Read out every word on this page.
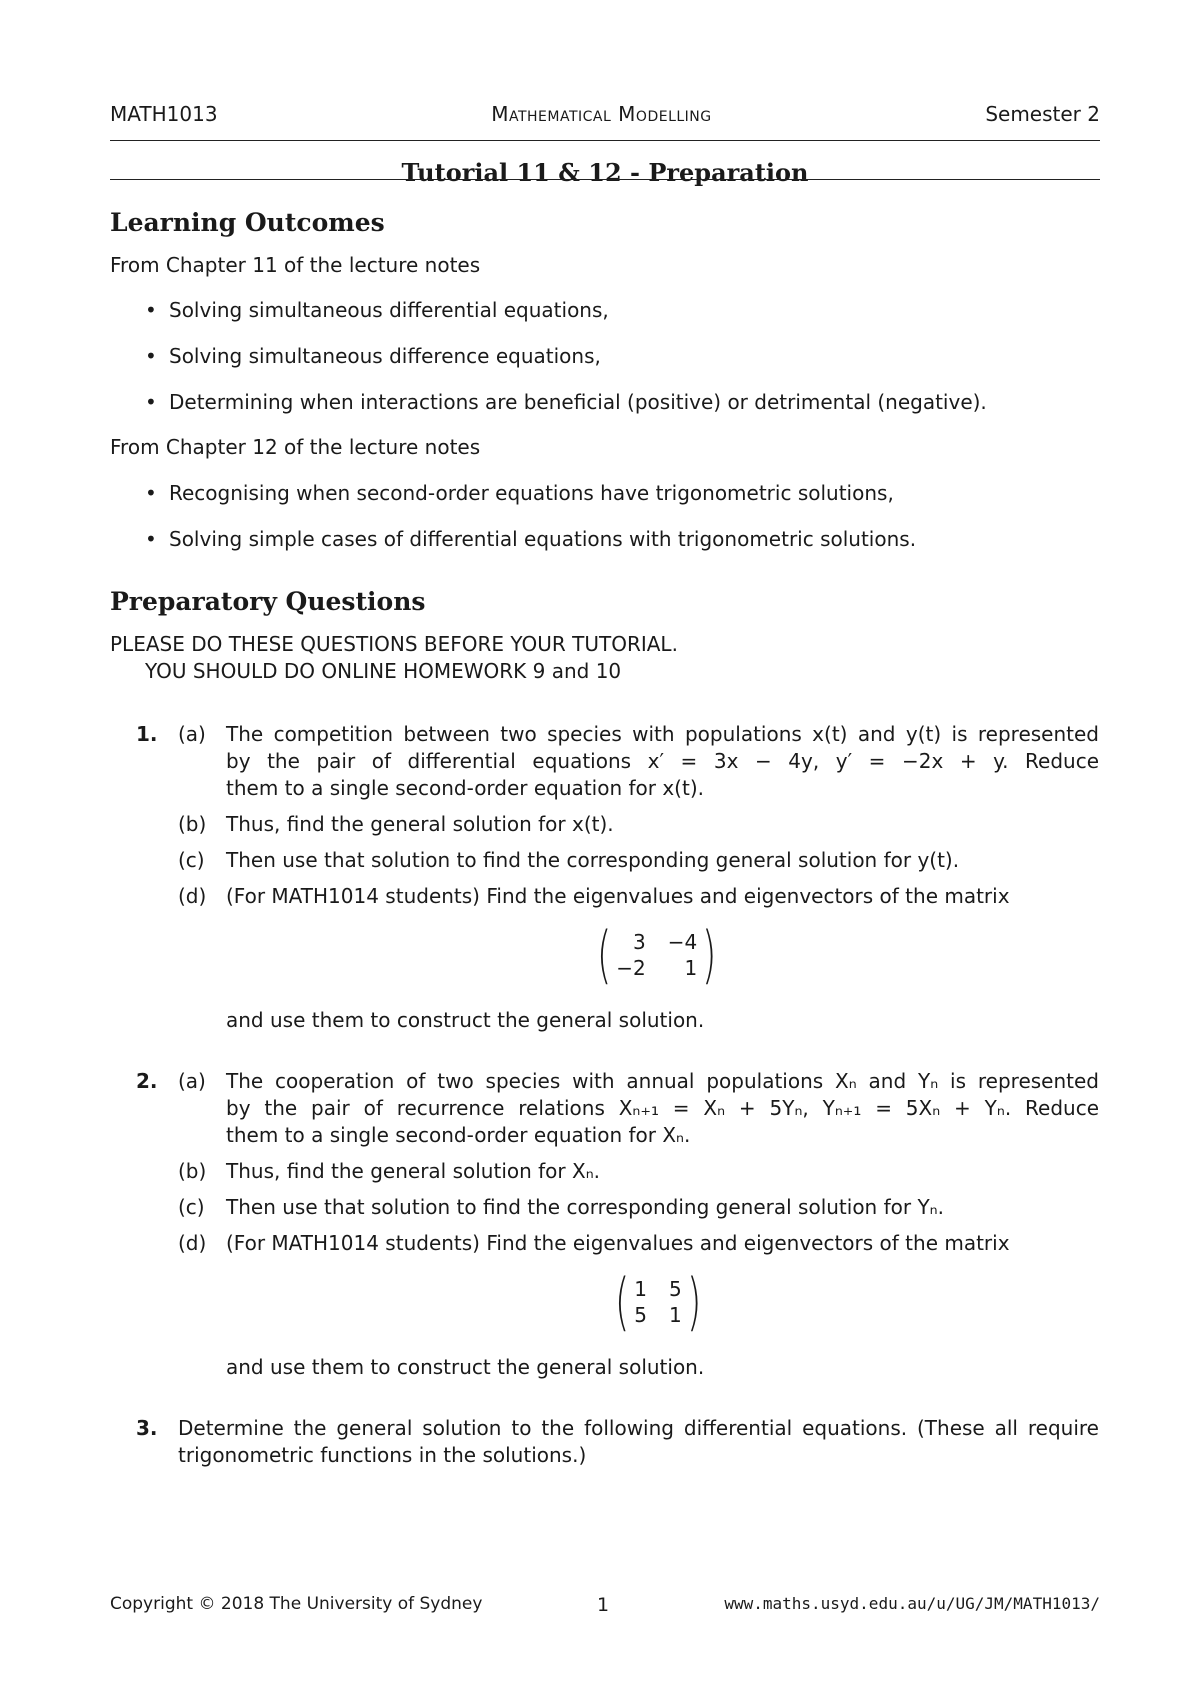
MATH1013	Mathematical Modelling	Semester 2
Tutorial 11 & 12 - Preparation
Learning Outcomes
From Chapter 11 of the lecture notes
• Solving simultaneous differential equations,
• Solving simultaneous difference equations,
• Determining when interactions are beneficial (positive) or detrimental (negative).
From Chapter 12 of the lecture notes
• Recognising when second-order equations have trigonometric solutions,
• Solving simple cases of differential equations with trigonometric solutions.
Preparatory Questions
PLEASE DO THESE QUESTIONS BEFORE YOUR TUTORIAL.
YOU SHOULD DO ONLINE HOMEWORK 9 and 10
1. (a) The competition between two species with populations x(t) and y(t) is represented
by the pair of differential equations x′ = 3x − 4y, y′ = −2x + y. Reduce
them to a single second-order equation for x(t).
(b) Thus, find the general solution for x(t).
(c) Then use that solution to find the corresponding general solution for y(t).
(d) (For MATH1014 students) Find the eigenvalues and eigenvectors of the matrix
(	3 −4
−2	1 )
and use them to construct the general solution.
2. (a) The cooperation of two species with annual populations Xₙ and Yₙ is represented
by the pair of recurrence relations Xₙ₊₁ = Xₙ + 5Yₙ, Yₙ₊₁ = 5Xₙ + Yₙ. Reduce
them to a single second-order equation for Xₙ.
(b) Thus, find the general solution for Xₙ.
(c) Then use that solution to find the corresponding general solution for Yₙ.
(d) (For MATH1014 students) Find the eigenvalues and eigenvectors of the matrix
( 1 5
5 1 )
and use them to construct the general solution.
3. Determine the general solution to the following differential equations. (These all require
trigonometric functions in the solutions.)
Copyright © 2018 The University of Sydney	1	www.maths.usyd.edu.au/u/UG/JM/MATH1013/
